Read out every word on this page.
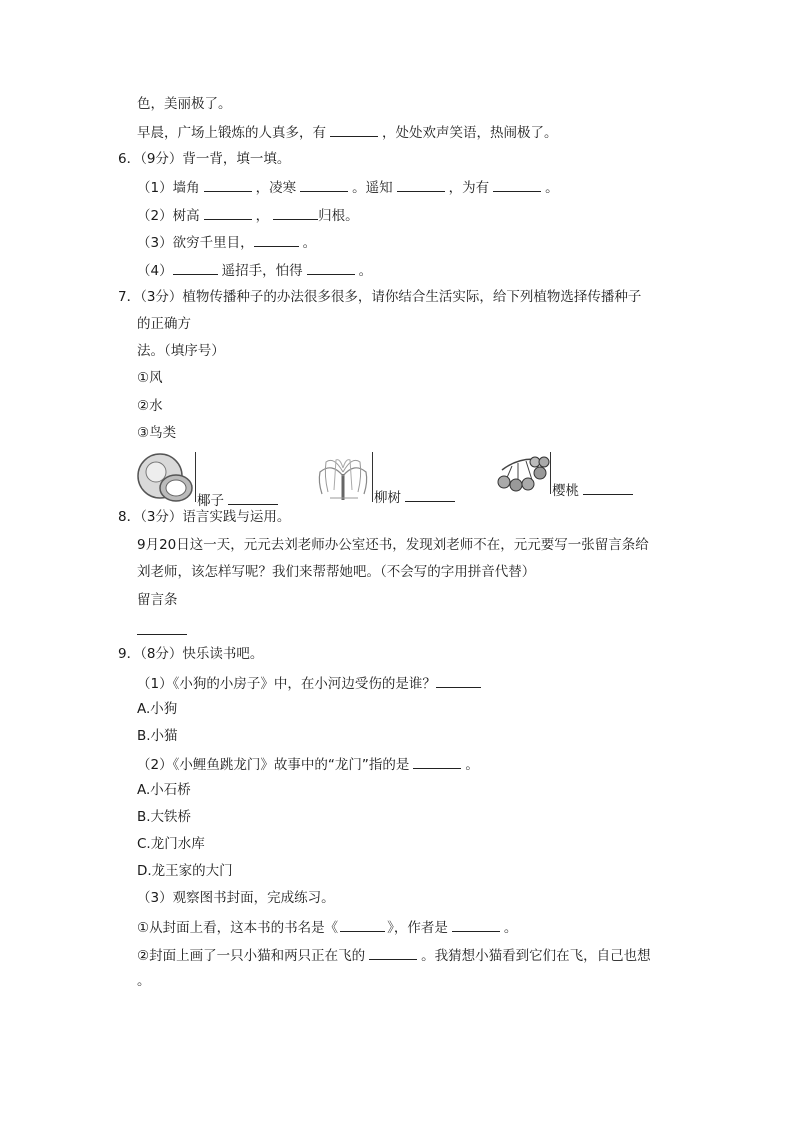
色，美丽极了。
早晨，广场上锻炼的人真多，有	，处处欢声笑语，热闹极了。
6．（9分）背一背，填一填。
（1）墙角	，凌寒	。遥知	，为有	。
（2）树高	，	归根。
（3）欲穷千里目，	。
（4）	遥招手，怕得	。
7．（3分）植物传播种子的办法很多很多，请你结合生活实际，给下列植物选择传播种子
的正确方
法。（填序号）
①风
②水
③鸟类
椰子	柳树	樱桃
8．（3分）语言实践与运用。
9月20日这一天，元元去刘老师办公室还书，发现刘老师不在，元元要写一张留言条给
刘老师，该怎样写呢？我们来帮帮她吧。（不会写的字用拼音代替）
留言条
9．（8分）快乐读书吧。
（1）《小狗的小房子》中，在小河边受伤的是谁？
A.小狗
B.小猫
（2）《小鲤鱼跳龙门》故事中的“龙门”指的是	。
A.小石桥
B.大铁桥
C.龙门水库
D.龙王家的大门
（3）观察图书封面，完成练习。
①从封面上看，这本书的书名是《	》，作者是	。
②封面上画了一只小猫和两只正在飞的	。我猜想小猫看到它们在飞，自己也想
。
